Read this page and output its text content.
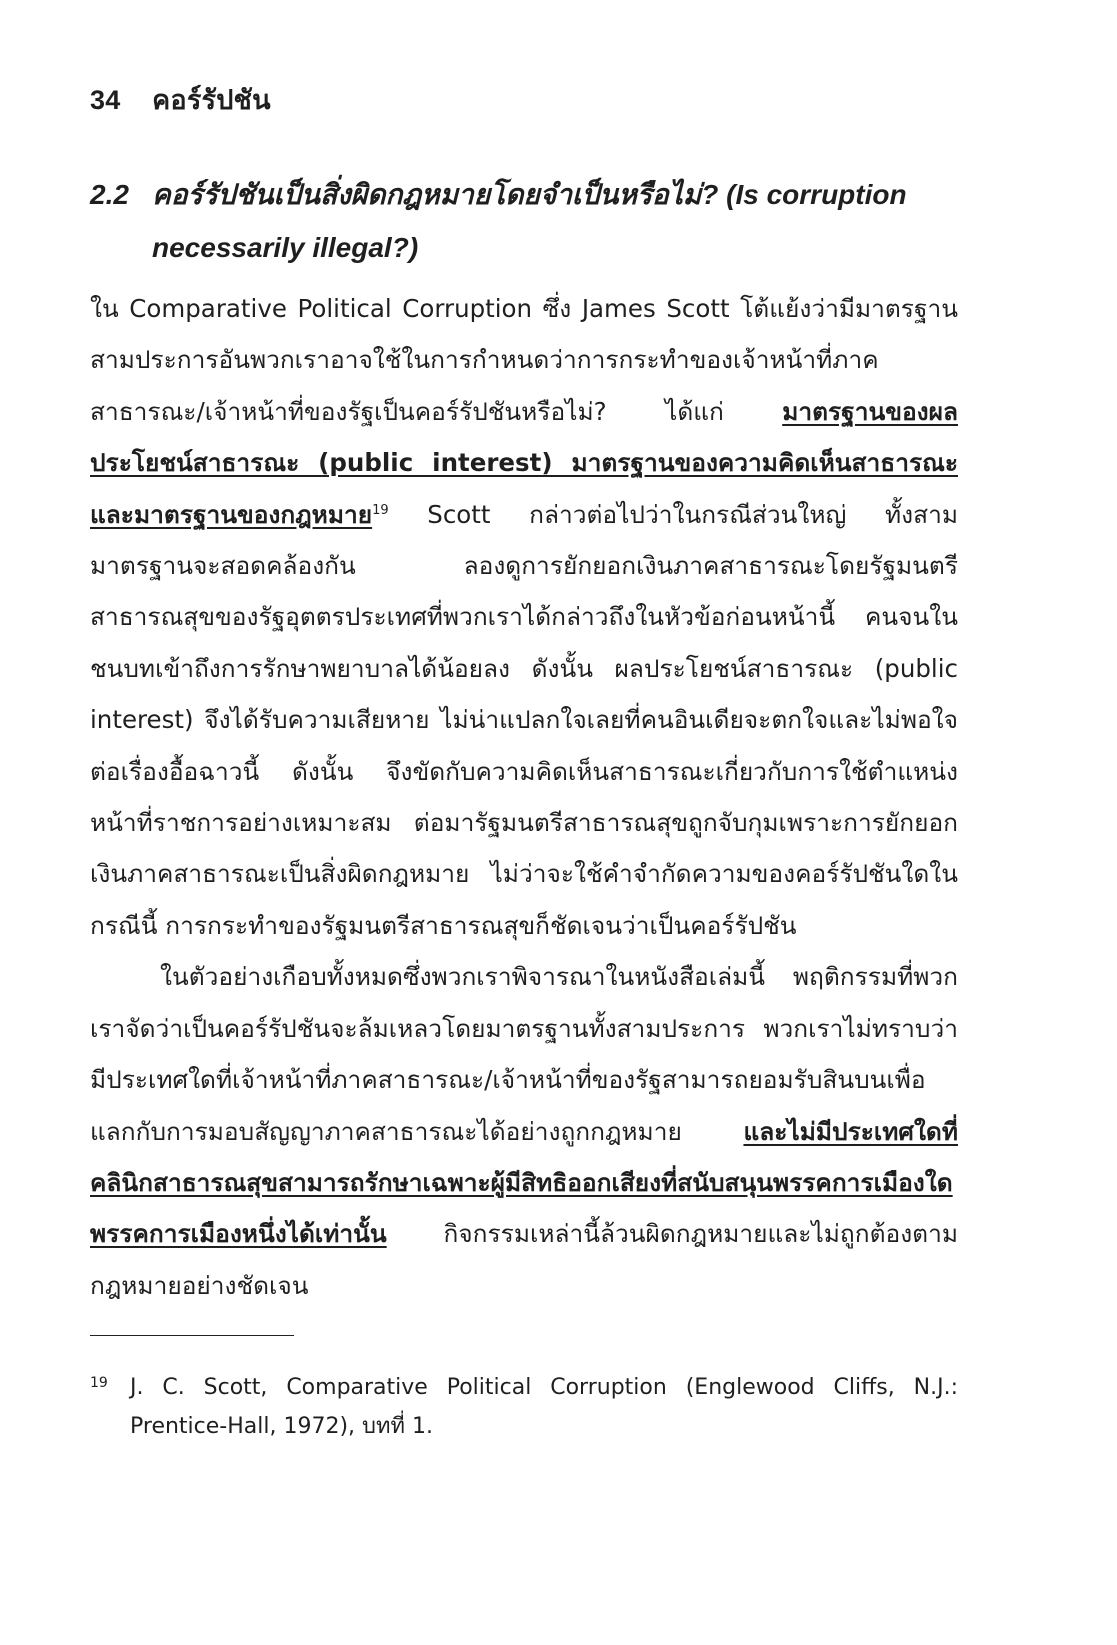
34 คอร์รัปชัน
2.2 คอร์รัปชันเป็นสิ่งผิดกฎหมายโดยจำเป็นหรือไม่? (Is corruption
necessarily illegal?)

ใน Comparative Political Corruption ซึ่ง James Scott โต้แย้งว่ามีมาตรฐานสามประการอันพวกเราอาจใช้ในการกำหนดว่าการกระทำของเจ้าหน้าที่ภาคสาธารณะ/เจ้าหน้าที่ของรัฐเป็นคอร์รัปชันหรือไม่? ได้แก่ มาตรฐานของผลประโยชน์สาธารณะ (public interest) มาตรฐานของความคิดเห็นสาธารณะ และมาตรฐานของกฎหมาย$^{19}$ Scott กล่าวต่อไปว่าในกรณีส่วนใหญ่ ทั้งสามมาตรฐานจะสอดคล้องกัน ลองดูการยักยอกเงินภาคสาธารณะโดยรัฐมนตรีสาธารณสุขของรัฐอุตตรประเทศที่พวกเราได้กล่าวถึงในหัวข้อก่อนหน้านี้ คนจนในชนบทเข้าถึงการรักษาพยาบาลได้น้อยลง ดังนั้น ผลประโยชน์สาธารณะ (public interest) จึงได้รับความเสียหาย ไม่น่าแปลกใจเลยที่คนอินเดียจะตกใจและไม่พอใจต่อเรื่องอื้อฉาวนี้ ดังนั้น จึงขัดกับความคิดเห็นสาธารณะเกี่ยวกับการใช้ตำแหน่งหน้าที่ราชการอย่างเหมาะสม ต่อมารัฐมนตรีสาธารณสุขถูกจับกุมเพราะการยักยอกเงินภาคสาธารณะเป็นสิ่งผิดกฎหมาย ไม่ว่าจะใช้คำจำกัดความของคอร์รัปชันใดในกรณีนี้ การกระทำของรัฐมนตรีสาธารณสุขก็ชัดเจนว่าเป็นคอร์รัปชัน

ในตัวอย่างเกือบทั้งหมดซึ่งพวกเราพิจารณาในหนังสือเล่มนี้ พฤติกรรมที่พวกเราจัดว่าเป็นคอร์รัปชันจะล้มเหลวโดยมาตรฐานทั้งสามประการ พวกเราไม่ทราบว่ามีประเทศใดที่เจ้าหน้าที่ภาคสาธารณะ/เจ้าหน้าที่ของรัฐสามารถยอมรับสินบนเพื่อแลกกับการมอบสัญญาภาคสาธารณะได้อย่างถูกกฎหมาย และไม่มีประเทศใดที่คลินิกสาธารณสุขสามารถรักษาเฉพาะผู้มีสิทธิออกเสียงที่สนับสนุนพรรคการเมืองใดพรรคการเมืองหนึ่งได้เท่านั้น กิจกรรมเหล่านี้ล้วนผิดกฎหมายและไม่ถูกต้องตามกฎหมายอย่างชัดเจน

19 J. C. Scott, Comparative Political Corruption (Englewood Cliffs, N.J.: Prentice-Hall, 1972), บทที่ 1.
